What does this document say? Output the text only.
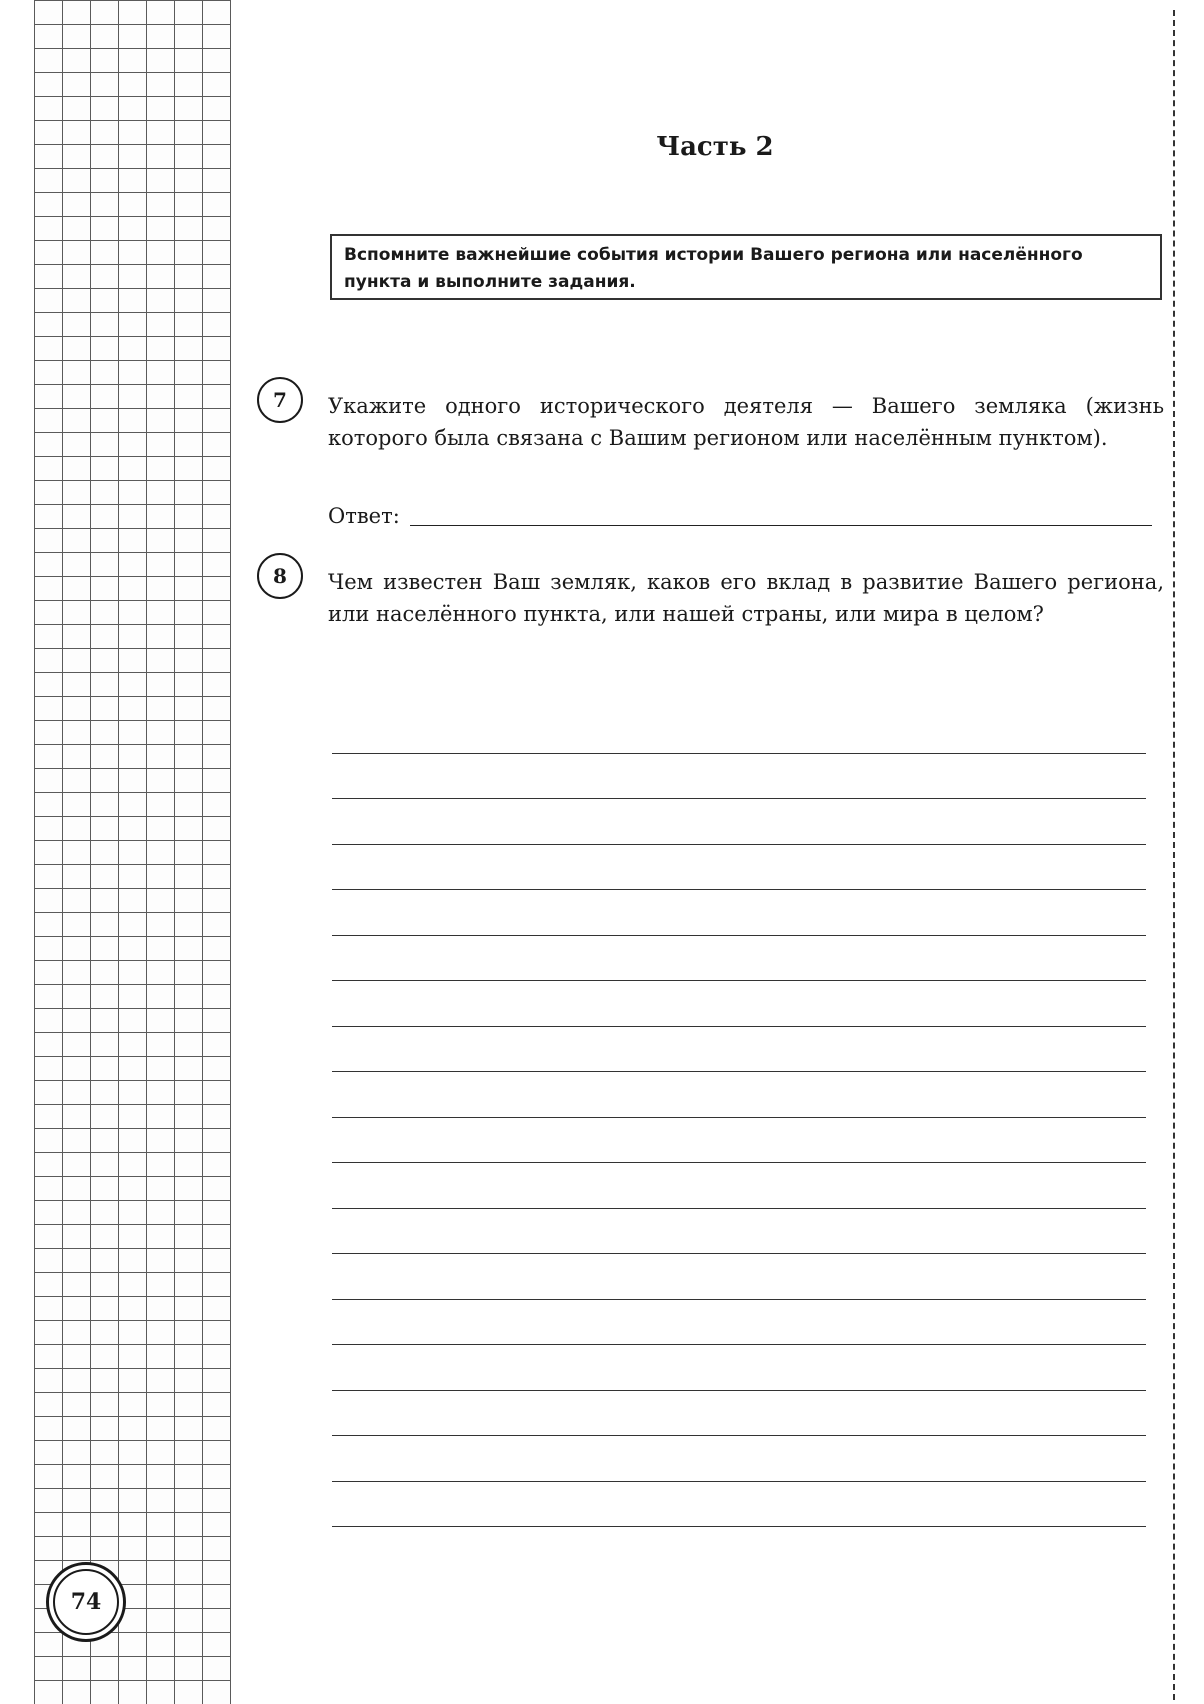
74
Часть 2
Вспомните важнейшие события истории Вашего региона или населённого пункта и выполните задания.
7	Укажите одного исторического деятеля — Вашего земляка (жизнь которого была связана с Вашим регионом или населённым пунктом).
Ответ:
8	Чем известен Ваш земляк, каков его вклад в развитие Вашего региона, или населённого пункта, или нашей страны, или мира в целом?
